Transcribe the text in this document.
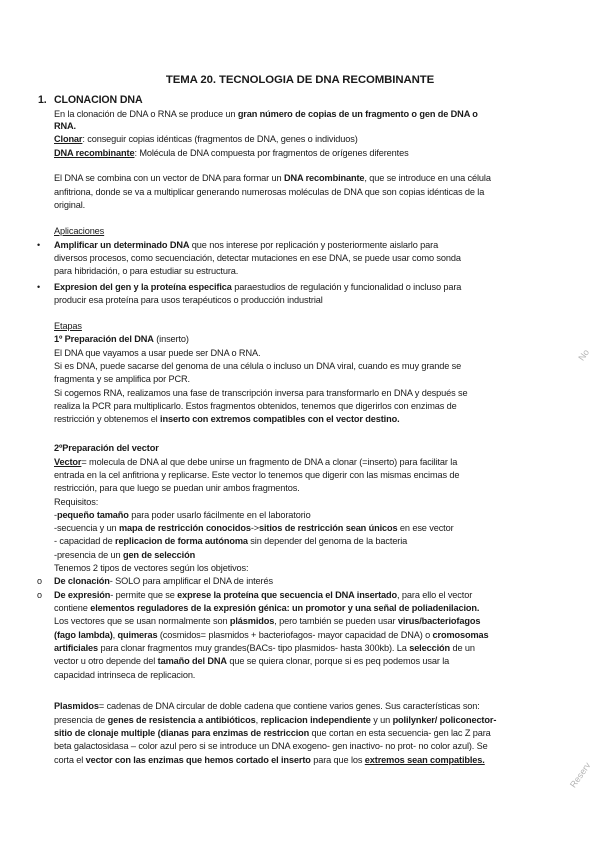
TEMA 20. TECNOLOGIA DE DNA RECOMBINANTE
1. CLONACION DNA
En la clonación de DNA o RNA se produce un gran número de copias de un fragmento o gen de DNA o
RNA.
Clonar: conseguir copias idénticas (fragmentos de DNA, genes o individuos)
DNA recombinante: Molécula de DNA compuesta por fragmentos de orígenes diferentes
El DNA se combina con un vector de DNA para formar un DNA recombinante, que se introduce en una célula
anfitriona, donde se va a multiplicar generando numerosas moléculas de DNA que son copias idénticas de la
original.
Aplicaciones
• Amplificar un determinado DNA que nos interese por replicación y posteriormente aislarlo para
diversos procesos, como secuenciación, detectar mutaciones en ese DNA, se puede usar como sonda
para hibridación, o para estudiar su estructura.
• Expresion del gen y la proteína especifica paraestudios de regulación y funcionalidad o incluso para
producir esa proteína para usos terapéuticos o producción industrial
Etapas
1º Preparación del DNA (inserto)
El DNA que vayamos a usar puede ser DNA o RNA.
Si es DNA, puede sacarse del genoma de una célula o incluso un DNA viral, cuando es muy grande se
fragmenta y se amplifica por PCR.
Si cogemos RNA, realizamos una fase de transcripción inversa para transformarlo en DNA y después se
realiza la PCR para multiplicarlo. Estos fragmentos obtenidos, tenemos que digerirlos con enzimas de
restricción y obtenemos el inserto con extremos compatibles con el vector destino.
2ºPreparación del vector
Vector= molecula de DNA al que debe unirse un fragmento de DNA a clonar (=inserto) para facilitar la
entrada en la cel anfitriona y replicarse. Este vector lo tenemos que digerir con las mismas encimas de
restricción, para que luego se puedan unir ambos fragmentos.
Requisitos:
-pequeño tamaño para poder usarlo fácilmente en el laboratorio
-secuencia y un mapa de restricción conocidos->sitios de restricción sean únicos en ese vector
- capacidad de replicacion de forma autónoma sin depender del genoma de la bacteria
-presencia de un gen de selección
Tenemos 2 tipos de vectores según los objetivos:
o De clonación- SOLO para amplificar el DNA de interés
o De expresión- permite que se exprese la proteína que secuencia el DNA insertado, para ello el vector
contiene elementos reguladores de la expresión génica: un promotor y una señal de poliadenilacion.
Los vectores que se usan normalmente son plásmidos, pero también se pueden usar virus/bacteriofagos
(fago lambda), quimeras (cosmidos= plasmidos + bacteriofagos- mayor capacidad de DNA) o cromosomas
artificiales para clonar fragmentos muy grandes(BACs- tipo plasmidos- hasta 300kb). La selección de un
vector u otro depende del tamaño del DNA que se quiera clonar, porque si es peq podemos usar la
capacidad intrinseca de replicacion.
Plasmidos= cadenas de DNA circular de doble cadena que contiene varios genes. Sus características son:
presencia de genes de resistencia a antibióticos, replicacion independiente y un polilynker/ policonector-
sitio de clonaje multiple (dianas para enzimas de restriccion que cortan en esta secuencia- gen lac Z para
beta galactosidasa – color azul pero si se introduce un DNA exogeno- gen inactivo- no prot- no color azul). Se
corta el vector con las enzimas que hemos cortado el inserto para que los extremos sean compatibles.
No
Reserv
